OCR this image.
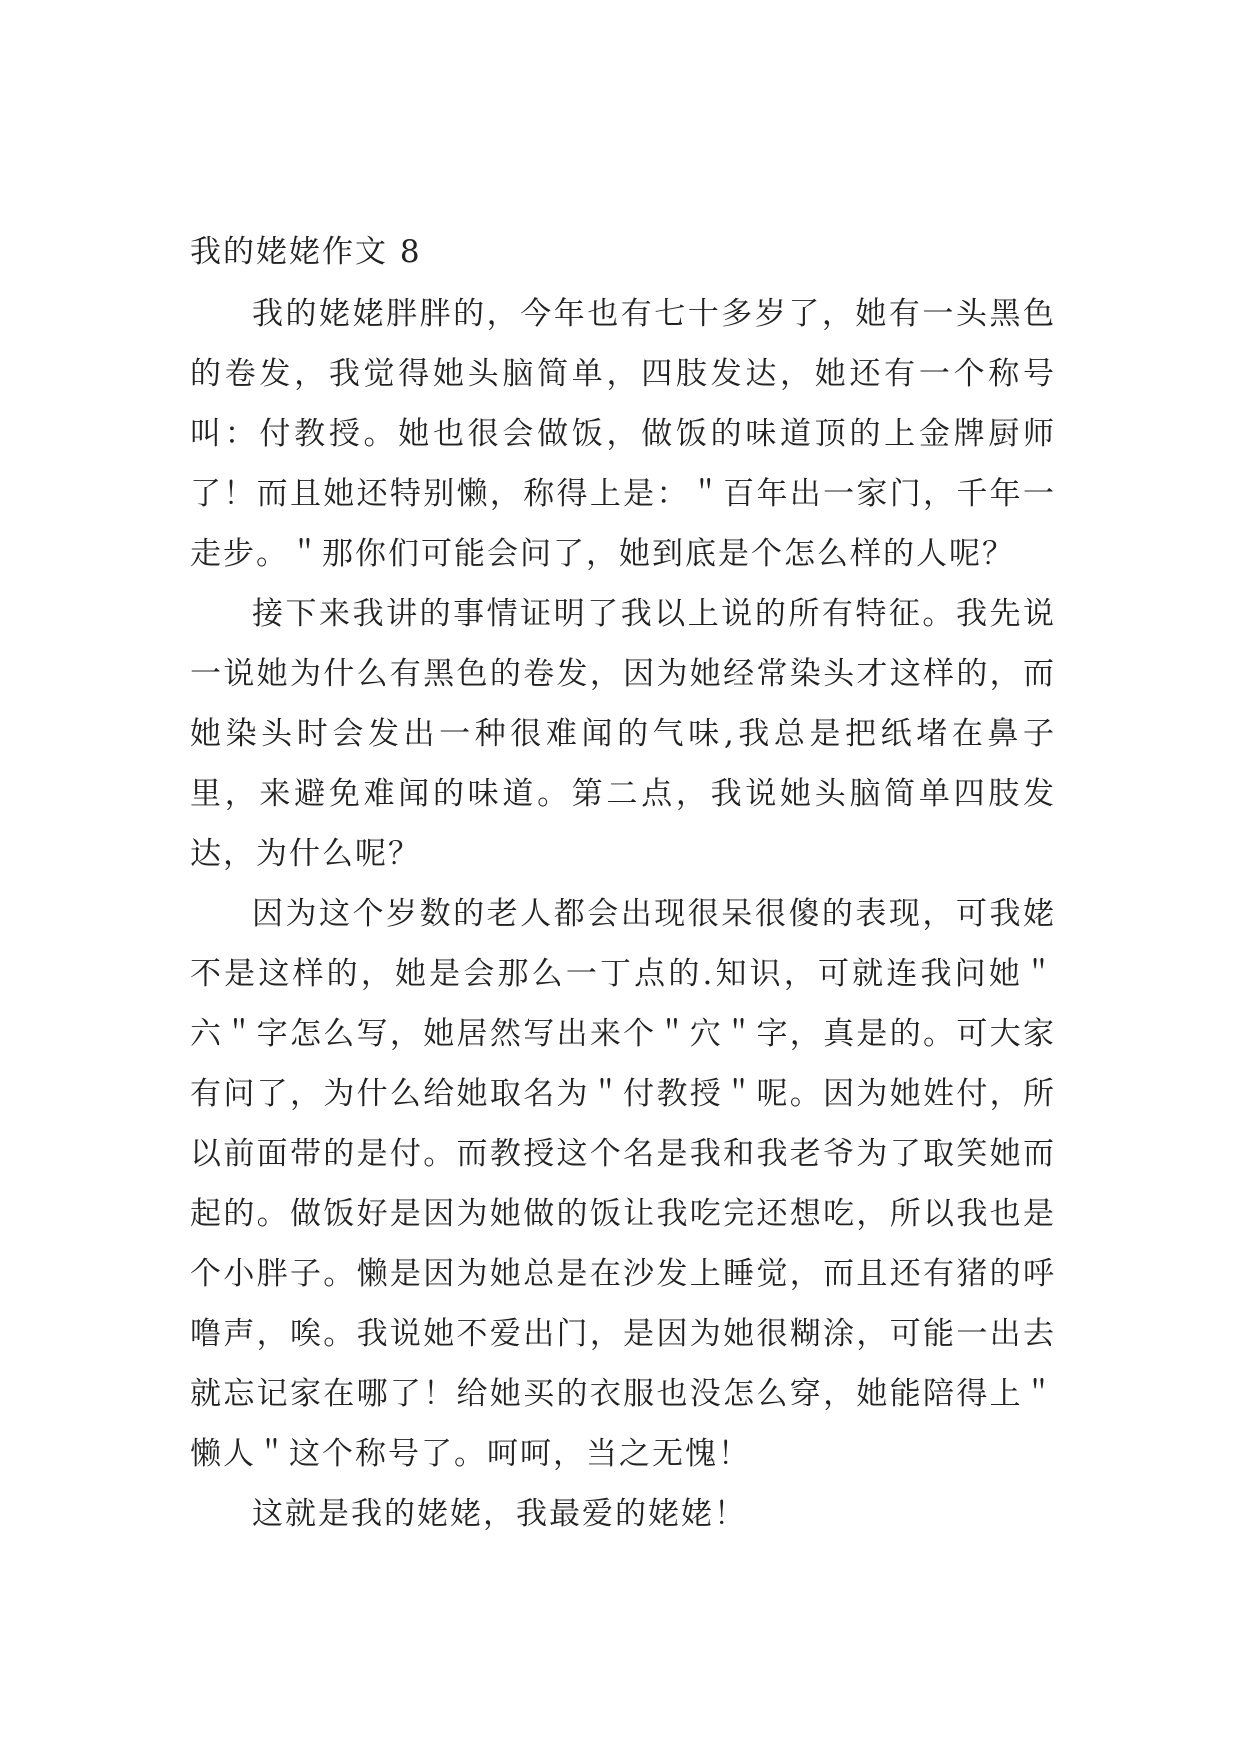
我的姥姥作文 8

我的姥姥胖胖的，今年也有七十多岁了，她有一头黑色的卷发，我觉得她头脑简单，四肢发达，她还有一个称号叫：付教授。她也很会做饭，做饭的味道顶的上金牌厨师了！而且她还特别懒，称得上是：＂百年出一家门，千年一走步。＂那你们可能会问了，她到底是个怎么样的人呢？

接下来我讲的事情证明了我以上说的所有特征。我先说一说她为什么有黑色的卷发，因为她经常染头才这样的，而她染头时会发出一种很难闻的气味,我总是把纸堵在鼻子里，来避免难闻的味道。第二点，我说她头脑简单四肢发达，为什么呢？

因为这个岁数的老人都会出现很呆很傻的表现，可我姥不是这样的，她是会那么一丁点的.知识，可就连我问她＂六＂字怎么写，她居然写出来个＂穴＂字，真是的。可大家有问了，为什么给她取名为＂付教授＂呢。因为她姓付，所以前面带的是付。而教授这个名是我和我老爷为了取笑她而起的。做饭好是因为她做的饭让我吃完还想吃，所以我也是个小胖子。懒是因为她总是在沙发上睡觉，而且还有猪的呼噜声，唉。我说她不爱出门，是因为她很糊涂，可能一出去就忘记家在哪了！给她买的衣服也没怎么穿，她能陪得上＂懒人＂这个称号了。呵呵，当之无愧！

这就是我的姥姥，我最爱的姥姥！
